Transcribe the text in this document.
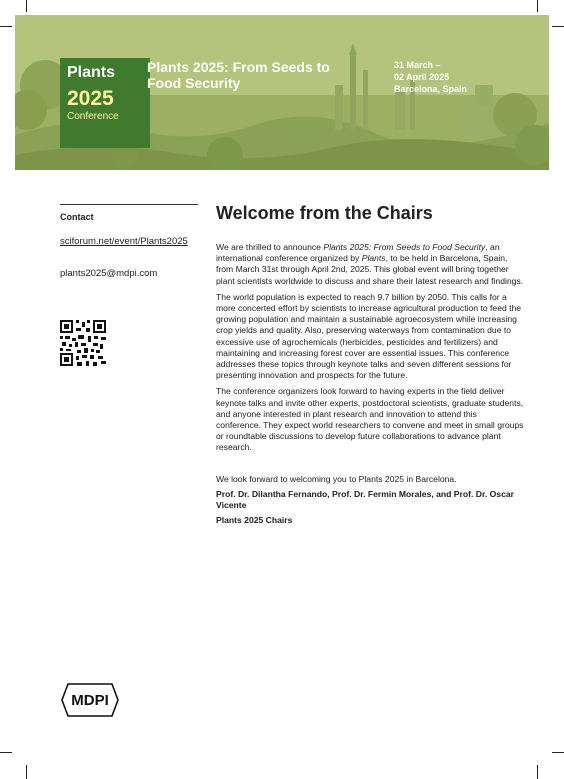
Plants
2025
Conference
Plants 2025: From Seeds to Food Security
31 March –
02 April 2025
Barcelona, Spain
Contact
sciforum.net/event/Plants2025
plants2025@mdpi.com
Welcome from the Chairs

We are thrilled to announce Plants 2025: From Seeds to Food Security, an international conference organized by Plants, to be held in Barcelona, Spain, from March 31st through April 2nd, 2025. This global event will bring together plant scientists worldwide to discuss and share their latest research and findings.

The world population is expected to reach 9.7 billion by 2050. This calls for a more concerted effort by scientists to increase agricultural production to feed the growing population and maintain a sustainable agroecosystem while increasing crop yields and quality. Also, preserving waterways from contamination due to excessive use of agrochemicals (herbicides, pesticides and fertilizers) and maintaining and increasing forest cover are essential issues. This conference addresses these topics through keynote talks and seven different sessions for presenting innovation and prospects for the future.

The conference organizers look forward to having experts in the field deliver keynote talks and invite other experts, postdoctoral scientists, graduate students, and anyone interested in plant research and innovation to attend this conference. They expect world researchers to convene and meet in small groups or roundtable discussions to develop future collaborations to advance plant research.

We look forward to welcoming you to Plants 2025 in Barcelona.

Prof. Dr. Dilantha Fernando, Prof. Dr. Fermin Morales, and Prof. Dr. Oscar Vicente

Plants 2025 Chairs

MDPI
